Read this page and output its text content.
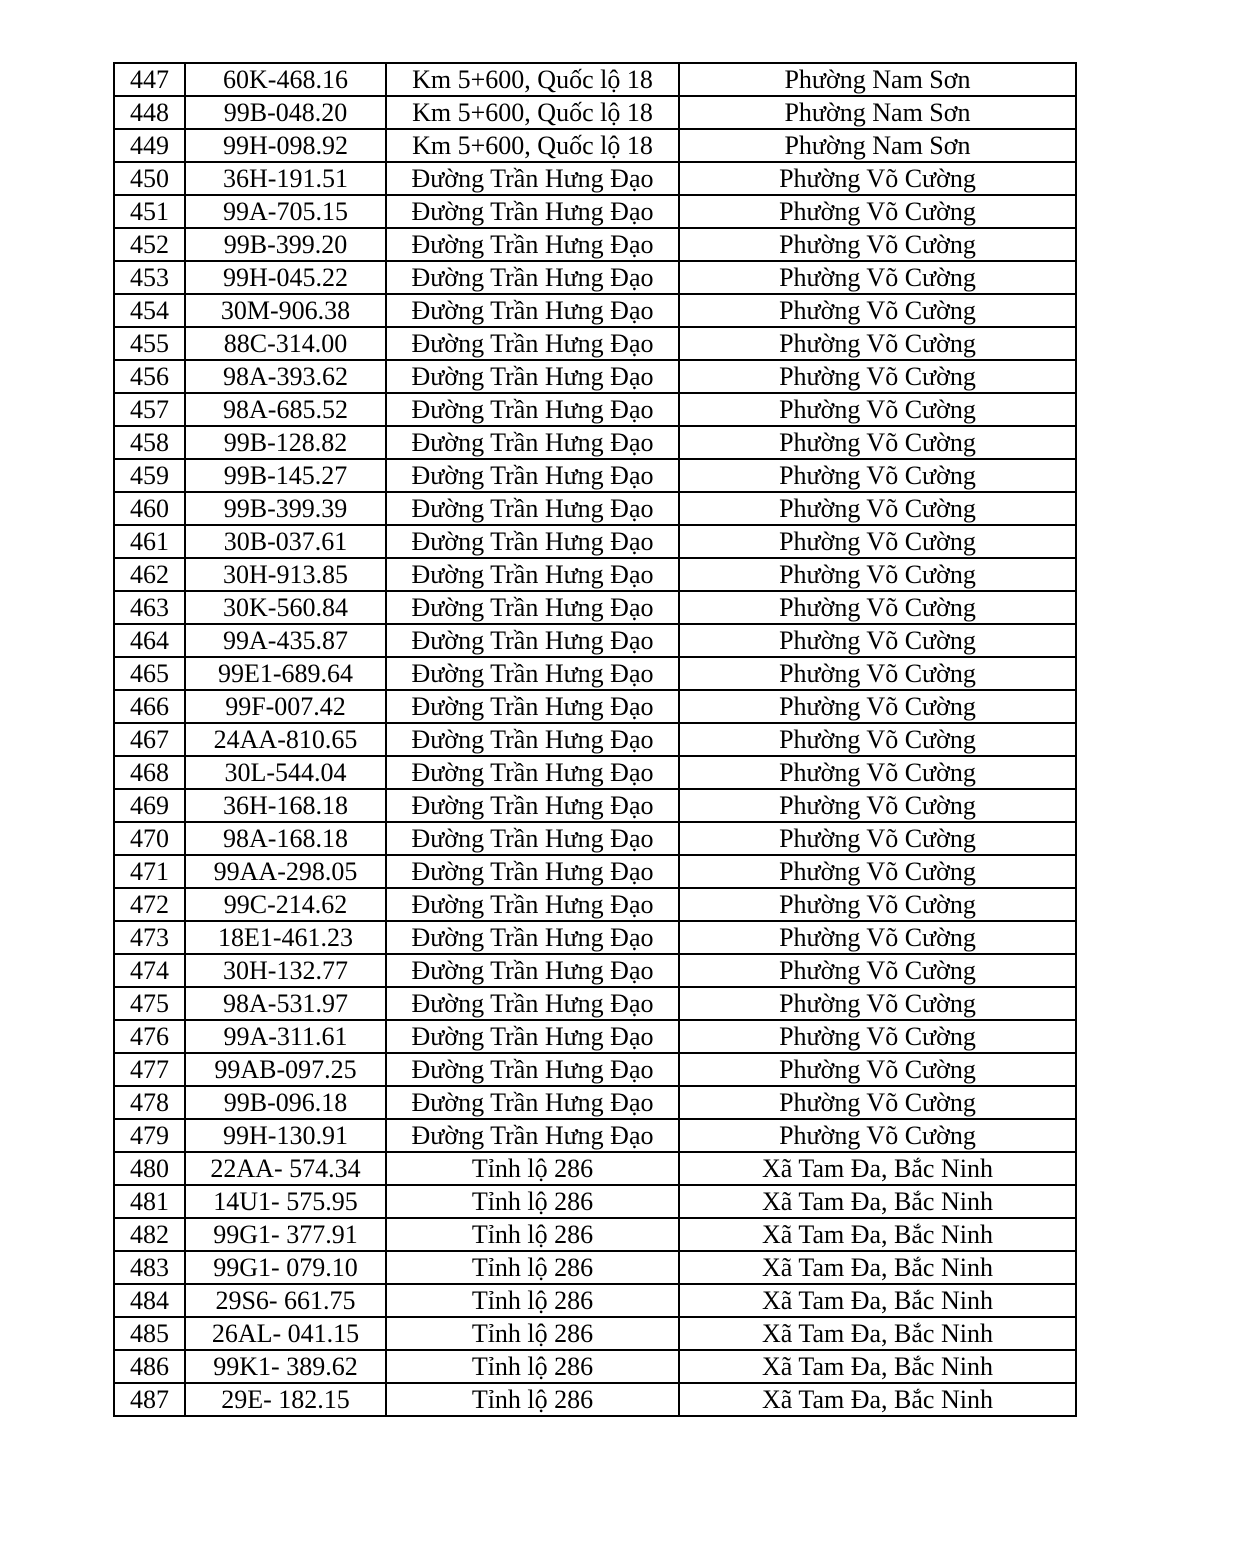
447	60K-468.16	Km 5+600, Quốc lộ 18	Phường Nam Sơn
448	99B-048.20	Km 5+600, Quốc lộ 18	Phường Nam Sơn
449	99H-098.92	Km 5+600, Quốc lộ 18	Phường Nam Sơn
450	36H-191.51	Đường Trần Hưng Đạo	Phường Võ Cường
451	99A-705.15	Đường Trần Hưng Đạo	Phường Võ Cường
452	99B-399.20	Đường Trần Hưng Đạo	Phường Võ Cường
453	99H-045.22	Đường Trần Hưng Đạo	Phường Võ Cường
454	30M-906.38	Đường Trần Hưng Đạo	Phường Võ Cường
455	88C-314.00	Đường Trần Hưng Đạo	Phường Võ Cường
456	98A-393.62	Đường Trần Hưng Đạo	Phường Võ Cường
457	98A-685.52	Đường Trần Hưng Đạo	Phường Võ Cường
458	99B-128.82	Đường Trần Hưng Đạo	Phường Võ Cường
459	99B-145.27	Đường Trần Hưng Đạo	Phường Võ Cường
460	99B-399.39	Đường Trần Hưng Đạo	Phường Võ Cường
461	30B-037.61	Đường Trần Hưng Đạo	Phường Võ Cường
462	30H-913.85	Đường Trần Hưng Đạo	Phường Võ Cường
463	30K-560.84	Đường Trần Hưng Đạo	Phường Võ Cường
464	99A-435.87	Đường Trần Hưng Đạo	Phường Võ Cường
465	99E1-689.64	Đường Trần Hưng Đạo	Phường Võ Cường
466	99F-007.42	Đường Trần Hưng Đạo	Phường Võ Cường
467	24AA-810.65	Đường Trần Hưng Đạo	Phường Võ Cường
468	30L-544.04	Đường Trần Hưng Đạo	Phường Võ Cường
469	36H-168.18	Đường Trần Hưng Đạo	Phường Võ Cường
470	98A-168.18	Đường Trần Hưng Đạo	Phường Võ Cường
471	99AA-298.05	Đường Trần Hưng Đạo	Phường Võ Cường
472	99C-214.62	Đường Trần Hưng Đạo	Phường Võ Cường
473	18E1-461.23	Đường Trần Hưng Đạo	Phường Võ Cường
474	30H-132.77	Đường Trần Hưng Đạo	Phường Võ Cường
475	98A-531.97	Đường Trần Hưng Đạo	Phường Võ Cường
476	99A-311.61	Đường Trần Hưng Đạo	Phường Võ Cường
477	99AB-097.25	Đường Trần Hưng Đạo	Phường Võ Cường
478	99B-096.18	Đường Trần Hưng Đạo	Phường Võ Cường
479	99H-130.91	Đường Trần Hưng Đạo	Phường Võ Cường
480	22AA- 574.34	Tỉnh lộ 286	Xã Tam Đa, Bắc Ninh
481	14U1- 575.95	Tỉnh lộ 286	Xã Tam Đa, Bắc Ninh
482	99G1- 377.91	Tỉnh lộ 286	Xã Tam Đa, Bắc Ninh
483	99G1- 079.10	Tỉnh lộ 286	Xã Tam Đa, Bắc Ninh
484	29S6- 661.75	Tỉnh lộ 286	Xã Tam Đa, Bắc Ninh
485	26AL- 041.15	Tỉnh lộ 286	Xã Tam Đa, Bắc Ninh
486	99K1- 389.62	Tỉnh lộ 286	Xã Tam Đa, Bắc Ninh
487	29E- 182.15	Tỉnh lộ 286	Xã Tam Đa, Bắc Ninh
